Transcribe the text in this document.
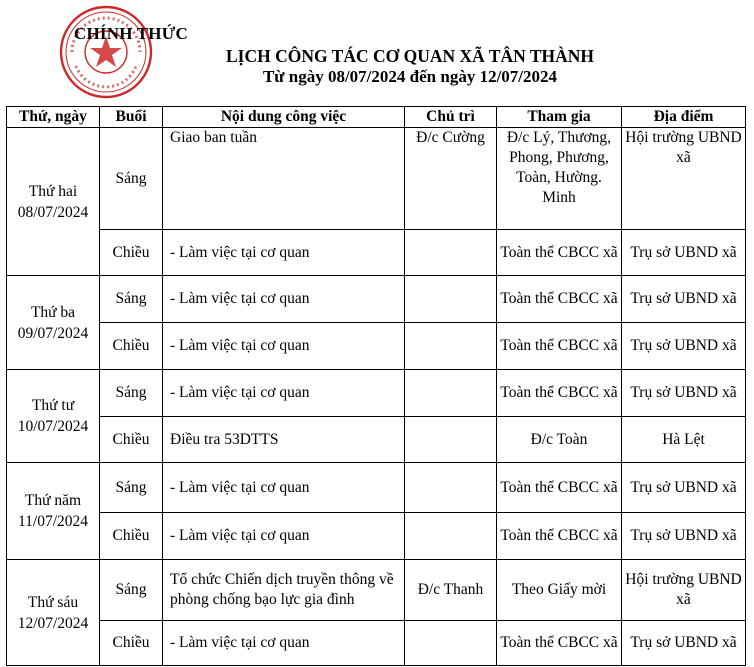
CHÍNH THỨC
LỊCH CÔNG TÁC CƠ QUAN XÃ TÂN THÀNH
Từ ngày 08/07/2024 đến ngày 12/07/2024
Thứ, ngày	Buổi	Nội dung công việc	Chủ trì	Tham gia	Địa điểm

Thứ hai
08/07/2024	Sáng	Giao ban tuần	Đ/c Cường	Đ/c Lý, Thương, Phong, Phương, Toàn, Hường. Minh	Hội trường UBND xã
	Chiều	- Làm việc tại cơ quan		Toàn thể CBCC xã	Trụ sở UBND xã

Thứ ba
09/07/2024	Sáng	- Làm việc tại cơ quan		Toàn thể CBCC xã	Trụ sở UBND xã
	Chiều	- Làm việc tại cơ quan		Toàn thể CBCC xã	Trụ sở UBND xã

Thứ tư
10/07/2024	Sáng	- Làm việc tại cơ quan		Toàn thể CBCC xã	Trụ sở UBND xã
	Chiều	Điều tra 53DTTS		Đ/c Toàn	Hà Lệt

Thứ năm
11/07/2024	Sáng	- Làm việc tại cơ quan		Toàn thể CBCC xã	Trụ sở UBND xã
	Chiều	- Làm việc tại cơ quan		Toàn thể CBCC xã	Trụ sở UBND xã

Thứ sáu
12/07/2024	Sáng	Tổ chức Chiến dịch truyền thông về phòng chống bạo lực gia đình	Đ/c Thanh	Theo Giấy mời	Hội trường UBND xã
	Chiều	- Làm việc tại cơ quan		Toàn thể CBCC xã	Trụ sở UBND xã
